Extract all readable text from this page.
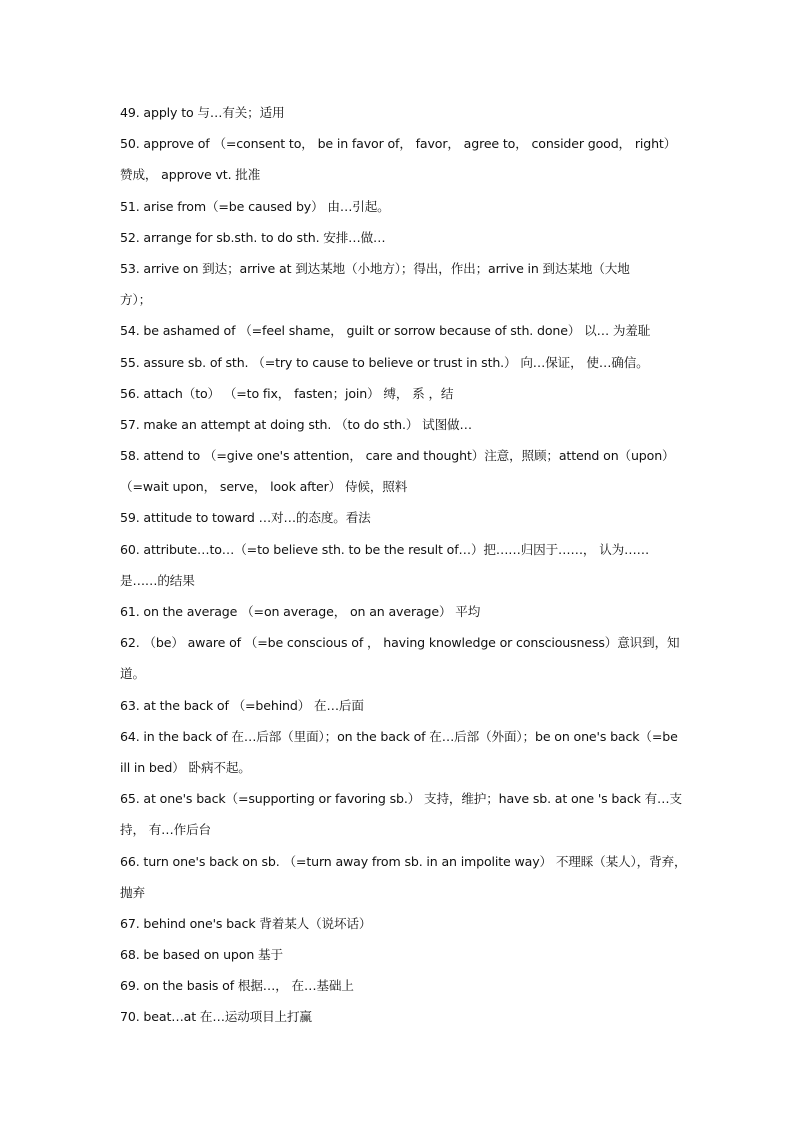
49. apply to 与…有关；适用
50. approve of （=consent to， be in favor of， favor， agree to， consider good， right）
赞成， approve vt. 批准
51. arise from（=be caused by） 由…引起。
52. arrange for sb.sth. to do sth. 安排…做…
53. arrive on 到达；arrive at 到达某地（小地方）；得出，作出；arrive in 到达某地（大地
方）；
54. be ashamed of （=feel shame， guilt or sorrow because of sth. done） 以… 为羞耻
55. assure sb. of sth. （=try to cause to believe or trust in sth.） 向…保证， 使…确信。
56. attach（to） （=to fix， fasten；join） 缚， 系 ，结
57. make an attempt at doing sth. （to do sth.） 试图做…
58. attend to （=give one's attention， care and thought）注意，照顾；attend on（upon）
（=wait upon， serve， look after） 侍候，照料
59. attitude to toward …对…的态度。看法
60. attribute…to…（=to believe sth. to be the result of…）把……归因于……， 认为……
是……的结果
61. on the average （=on average， on an average） 平均
62. （be） aware of （=be conscious of ， having knowledge or consciousness）意识到，知
道。
63. at the back of （=behind） 在…后面
64. in the back of 在…后部（里面）；on the back of 在…后部（外面）；be on one's back（=be
ill in bed） 卧病不起。
65. at one's back（=supporting or favoring sb.） 支持，维护；have sb. at one 's back 有…支
持， 有…作后台
66. turn one's back on sb. （=turn away from sb. in an impolite way） 不理睬（某人），背弃，
抛弃
67. behind one's back 背着某人（说坏话）
68. be based on upon 基于
69. on the basis of 根据…， 在…基础上
70. beat…at 在…运动项目上打赢
